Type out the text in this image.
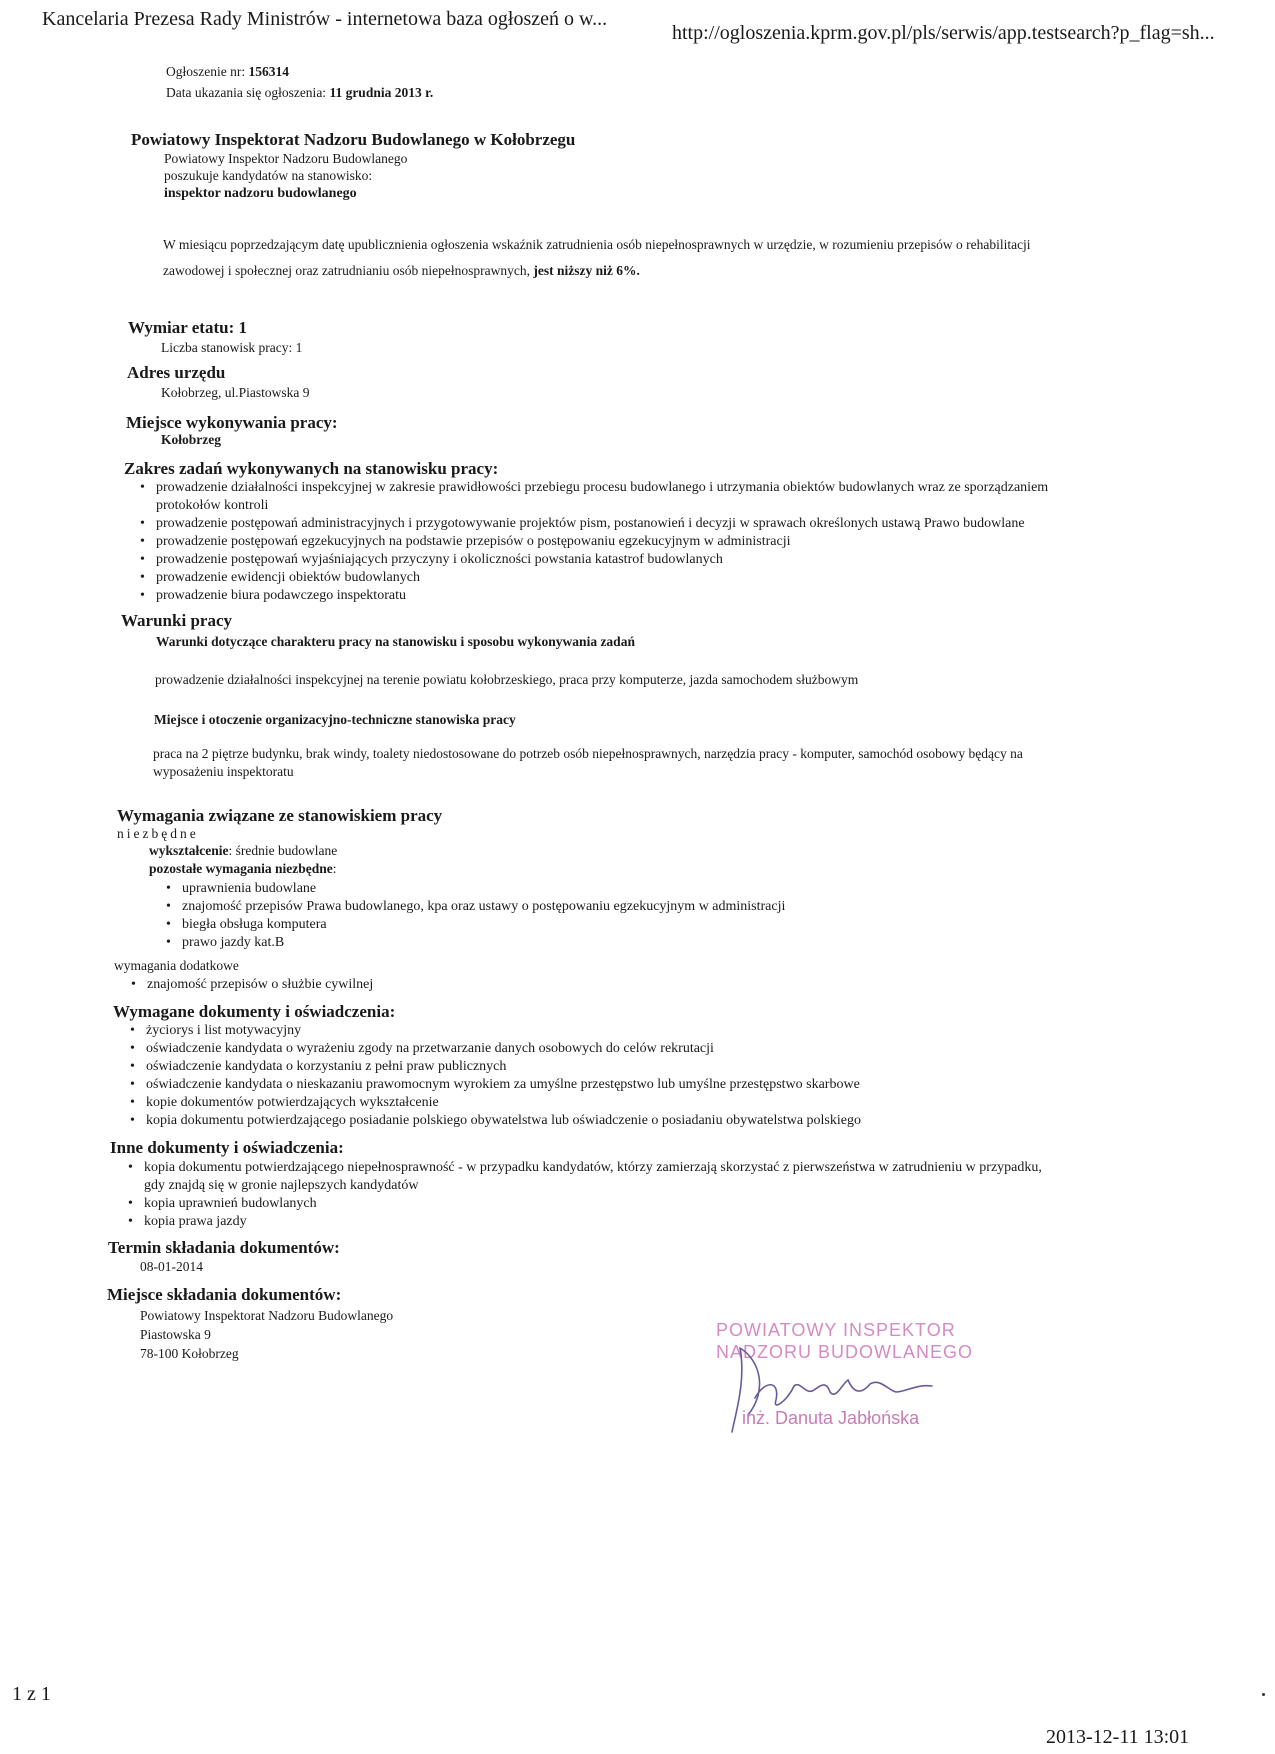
Kancelaria Prezesa Rady Ministrów - internetowa baza ogłoszeń o w...
http://ogloszenia.kprm.gov.pl/pls/serwis/app.testsearch?p_flag=sh...
Ogłoszenie nr: 156314
Data ukazania się ogłoszenia: 11 grudnia 2013 r.
Powiatowy Inspektorat Nadzoru Budowlanego w Kołobrzegu
Powiatowy Inspektor Nadzoru Budowlanego
poszukuje kandydatów na stanowisko:
inspektor nadzoru budowlanego
W miesiącu poprzedzającym datę upublicznienia ogłoszenia wskaźnik zatrudnienia osób niepełnosprawnych w urzędzie, w rozumieniu przepisów o rehabilitacji
zawodowej i społecznej oraz zatrudnianiu osób niepełnosprawnych, jest niższy niż 6%.
Wymiar etatu: 1
Liczba stanowisk pracy: 1
Adres urzędu
Kołobrzeg, ul.Piastowska 9
Miejsce wykonywania pracy:
Kołobrzeg
Zakres zadań wykonywanych na stanowisku pracy:
• prowadzenie działalności inspekcyjnej w zakresie prawidłowości przebiegu procesu budowlanego i utrzymania obiektów budowlanych wraz ze sporządzaniem
protokołów kontroli
• prowadzenie postępowań administracyjnych i przygotowywanie projektów pism, postanowień i decyzji w sprawach określonych ustawą Prawo budowlane
• prowadzenie postępowań egzekucyjnych na podstawie przepisów o postępowaniu egzekucyjnym w administracji
• prowadzenie postępowań wyjaśniających przyczyny i okoliczności powstania katastrof budowlanych
• prowadzenie ewidencji obiektów budowlanych
• prowadzenie biura podawczego inspektoratu
Warunki pracy
Warunki dotyczące charakteru pracy na stanowisku i sposobu wykonywania zadań
prowadzenie działalności inspekcyjnej na terenie powiatu kołobrzeskiego, praca przy komputerze, jazda samochodem służbowym
Miejsce i otoczenie organizacyjno-techniczne stanowiska pracy
praca na 2 piętrze budynku, brak windy, toalety niedostosowane do potrzeb osób niepełnosprawnych, narzędzia pracy - komputer, samochód osobowy będący na
wyposażeniu inspektoratu
Wymagania związane ze stanowiskiem pracy
niezbędne
wykształcenie: średnie budowlane
pozostałe wymagania niezbędne:
• uprawnienia budowlane
• znajomość przepisów Prawa budowlanego, kpa oraz ustawy o postępowaniu egzekucyjnym w administracji
• biegła obsługa komputera
• prawo jazdy kat.B
wymagania dodatkowe
• znajomość przepisów o służbie cywilnej
Wymagane dokumenty i oświadczenia:
• życiorys i list motywacyjny
• oświadczenie kandydata o wyrażeniu zgody na przetwarzanie danych osobowych do celów rekrutacji
• oświadczenie kandydata o korzystaniu z pełni praw publicznych
• oświadczenie kandydata o nieskazaniu prawomocnym wyrokiem za umyślne przestępstwo lub umyślne przestępstwo skarbowe
• kopie dokumentów potwierdzających wykształcenie
• kopia dokumentu potwierdzającego posiadanie polskiego obywatelstwa lub oświadczenie o posiadaniu obywatelstwa polskiego
Inne dokumenty i oświadczenia:
• kopia dokumentu potwierdzającego niepełnosprawność - w przypadku kandydatów, którzy zamierzają skorzystać z pierwszeństwa w zatrudnieniu w przypadku,
gdy znajdą się w gronie najlepszych kandydatów
• kopia uprawnień budowlanych
• kopia prawa jazdy
Termin składania dokumentów:
08-01-2014
Miejsce składania dokumentów:
Powiatowy Inspektorat Nadzoru Budowlanego
Piastowska 9
78-100 Kołobrzeg
POWIATOWY INSPEKTOR
NADZORU BUDOWLANEGO
inż. Danuta Jabłońska
1 z 1
2013-12-11 13:01
